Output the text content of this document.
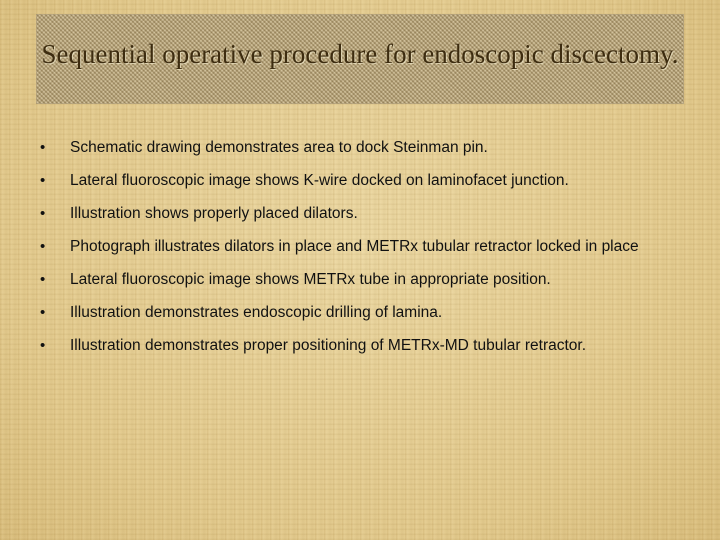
Sequential operative procedure for endoscopic discectomy.
• Schematic drawing demonstrates area to dock Steinman pin.
• Lateral fluoroscopic image shows K-wire docked on laminofacet junction.
• Illustration shows properly placed dilators.
• Photograph illustrates dilators in place and METRx tubular retractor locked in place
• Lateral fluoroscopic image shows METRx tube in appropriate position.
• Illustration demonstrates endoscopic drilling of lamina.
• Illustration demonstrates proper positioning of METRx-MD tubular retractor.
